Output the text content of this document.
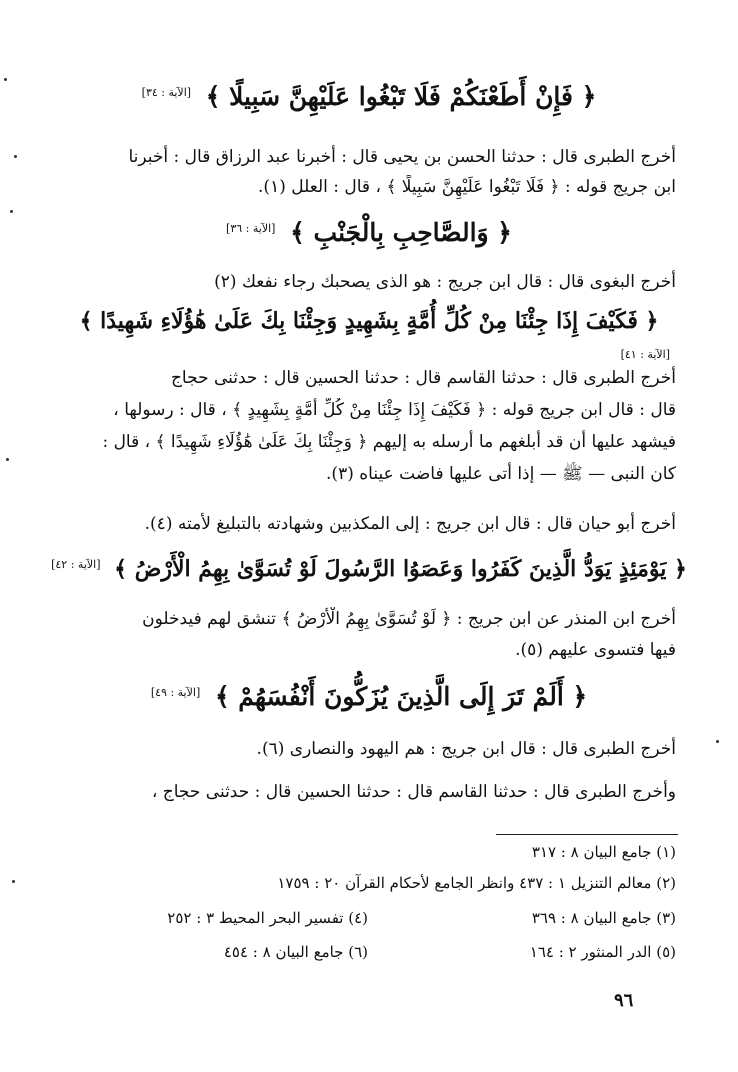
﴿ فَإِنْ أَطَعْنَكُمْ فَلَا تَبْغُوا عَلَيْهِنَّ سَبِيلًا ﴾ [الآية : ٣٤]
أخرج الطبرى قال : حدثنا الحسن بن يحيى قال : أخبرنا عبد الرزاق قال : أخبرنا
ابن جريج قوله : ﴿ فَلَا تَبْغُوا عَلَيْهِنَّ سَبِيلًا ﴾ ، قال : العلل (١).
﴿ وَالصَّاحِبِ بِالْجَنْبِ ﴾ [الآية : ٣٦]
أخرج البغوى قال : قال ابن جريج : هو الذى يصحبك رجاء نفعك (٢)
﴿ فَكَيْفَ إِذَا جِئْنَا مِنْ كُلِّ أُمَّةٍ بِشَهِيدٍ وَجِئْنَا بِكَ عَلَىٰ هَٰؤُلَاءِ شَهِيدًا ﴾
[الآية : ٤١]
أخرج الطبرى قال : حدثنا القاسم قال : حدثنا الحسين قال : حدثنى حجاج
قال : قال ابن جريج قوله : ﴿ فَكَيْفَ إِذَا جِئْنَا مِنْ كُلِّ أُمَّةٍ بِشَهِيدٍ ﴾ ، قال : رسولها ،
فيشهد عليها أن قد أبلغهم ما أرسله به إليهم ﴿ وَجِئْنَا بِكَ عَلَىٰ هَٰؤُلَاءِ شَهِيدًا ﴾ ، قال :
كان النبى — ﷺ — إذا أتى عليها فاضت عيناه (٣).
أخرج أبو حيان قال : قال ابن جريج : إلى المكذبين وشهادته بالتبليغ لأمته (٤).
﴿ يَوْمَئِذٍ يَوَدُّ الَّذِينَ كَفَرُوا وَعَصَوُا الرَّسُولَ لَوْ تُسَوَّىٰ بِهِمُ الْأَرْضُ ﴾ [الآية : ٤٢]
أخرج ابن المنذر عن ابن جريج : ﴿ لَوْ تُسَوَّىٰ بِهِمُ الْأَرْضُ ﴾ تنشق لهم فيدخلون
فيها فتسوى عليهم (٥).
﴿ أَلَمْ تَرَ إِلَى الَّذِينَ يُزَكُّونَ أَنْفُسَهُمْ ﴾ [الآية : ٤٩]
أخرج الطبرى قال : قال ابن جريج : هم اليهود والنصارى (٦).
وأخرج الطبرى قال : حدثنا القاسم قال : حدثنا الحسين قال : حدثنى حجاج ،
(١) جامع البيان ٨ : ٣١٧
(٢) معالم التنزيل ١ : ٤٣٧ وانظر الجامع لأحكام القرآن ٢٠ : ١٧٥٩
(٣) جامع البيان ٨ : ٣٦٩
(٤) تفسير البحر المحيط ٣ : ٢٥٢
(٥) الدر المنثور ٢ : ١٦٤
(٦) جامع البيان ٨ : ٤٥٤
٩٦
